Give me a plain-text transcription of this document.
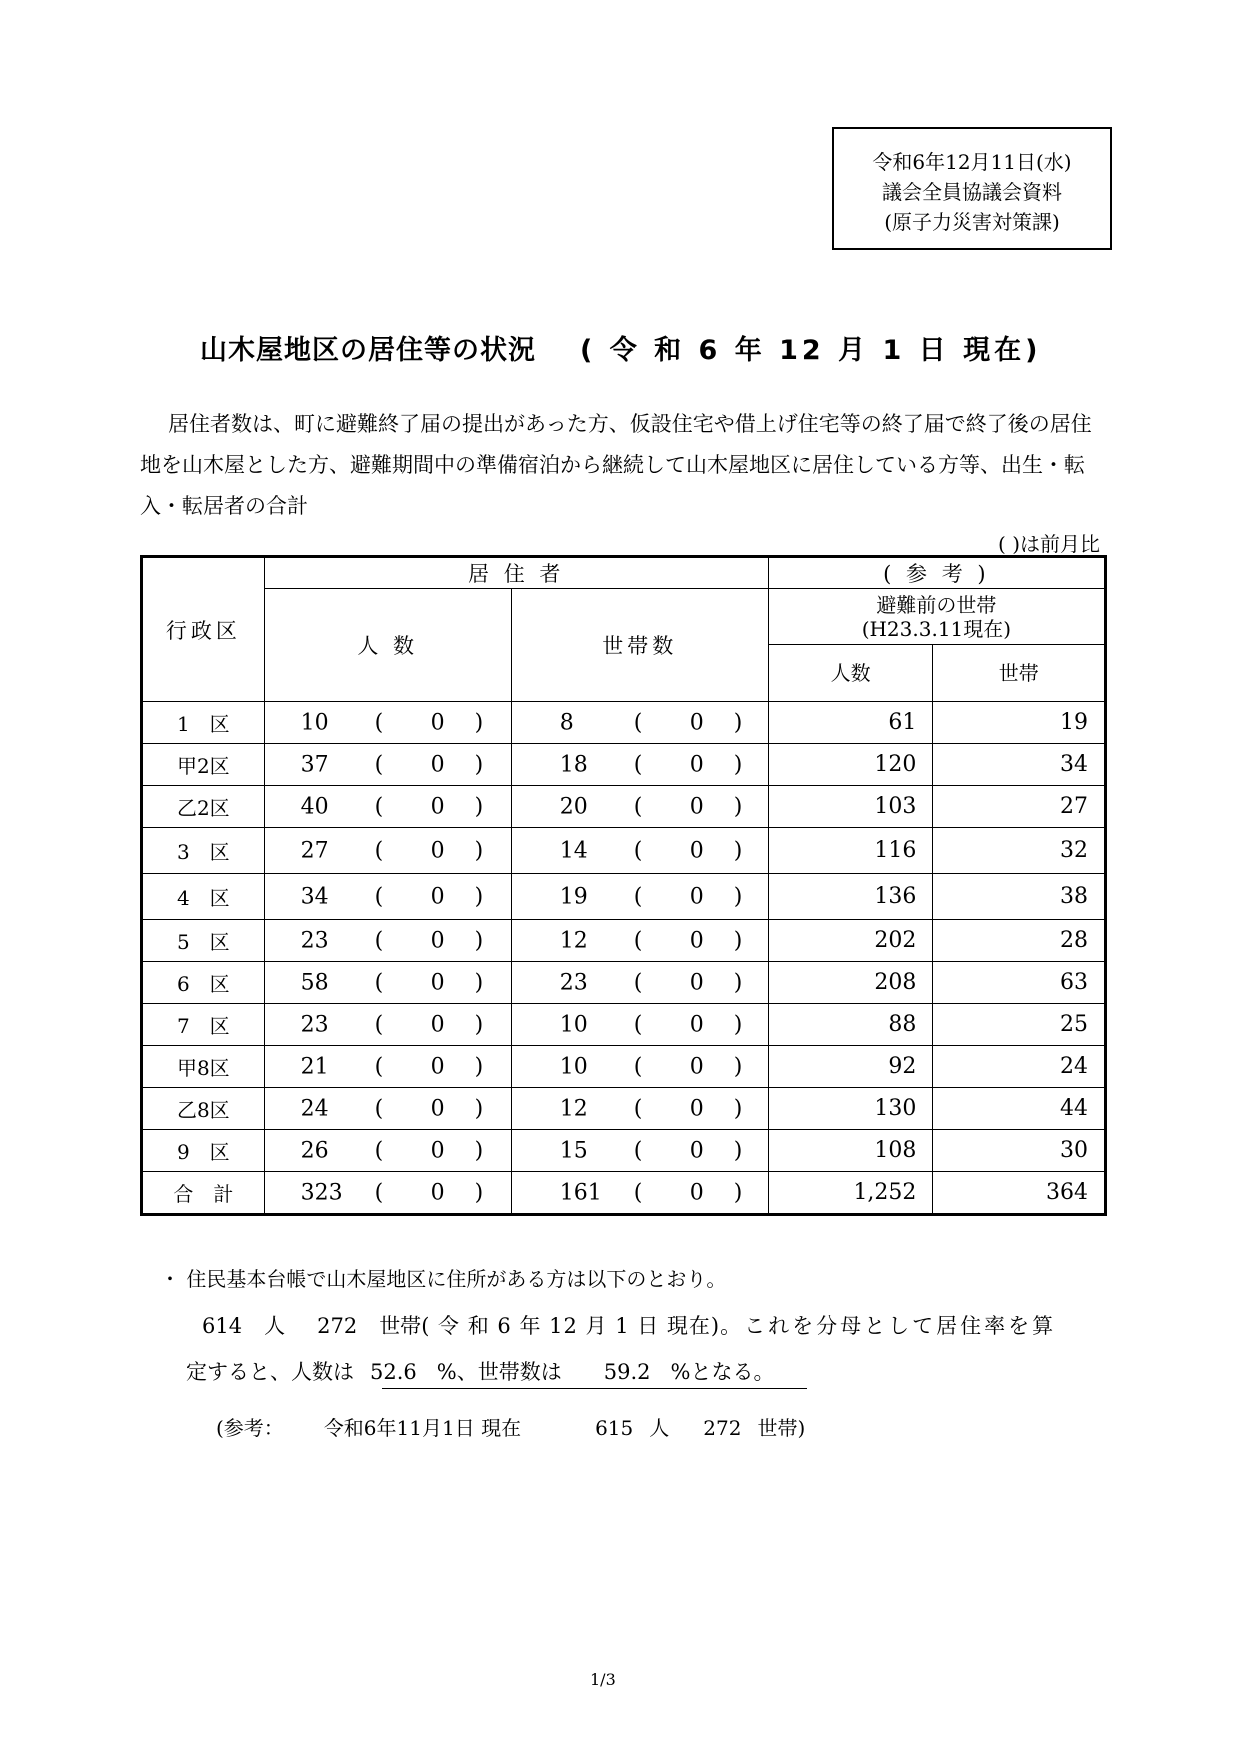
令和6年12月11日(水)
議会全員協議会資料
(原子力災害対策課)
山木屋地区の居住等の状況 ( 令 和 6 年 12 月 1 日 現在)

居住者数は、町に避難終了届の提出があった方、仮設住宅や借上げ住宅等の終了届で終了後の居住地を山木屋とした方、避難期間中の準備宿泊から継続して山木屋地区に居住している方等、出生・転入・転居者の合計

( )は前月比
行政区	居 住 者		( 参 考 )	
	人 数	世帯数	避難前の世帯
(H23.3.11現在)	

			人数	世帯
1　区	10 ( 0 )	8 ( 0 )	61	19
甲2区	37 ( 0 )	18 ( 0 )	120	34
乙2区	40 ( 0 )	20 ( 0 )	103	27
3　区	27 ( 0 )	14 ( 0 )	116	32
4　区	34 ( 0 )	19 ( 0 )	136	38
5　区	23 ( 0 )	12 ( 0 )	202	28
6　区	58 ( 0 )	23 ( 0 )	208	63
7　区	23 ( 0 )	10 ( 0 )	88	25
甲8区	21 ( 0 )	10 ( 0 )	92	24
乙8区	24 ( 0 )	12 ( 0 )	130	44
9　区	26 ( 0 )	15 ( 0 )	108	30
合　計	323 ( 0 )	161 ( 0 )	1,252	364
・ 住民基本台帳で山木屋地区に住所がある方は以下のとおり。
614 人 272 世帯( 令 和 6 年 12 月 1 日 現在)。これを分母として居住率を算
定すると、人数は 52.6 %、世帯数は 59.2 %となる。
(参考： 令和6年11月1日 現在	615 人 272 世帯)
1/3
